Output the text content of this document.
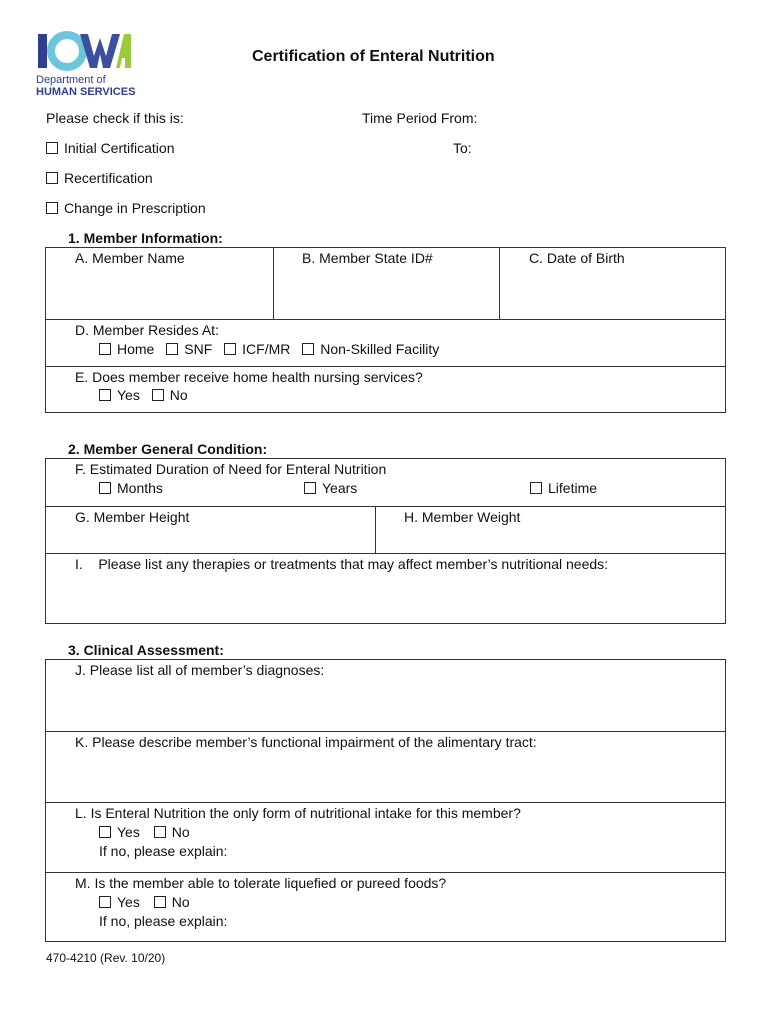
Department of
HUMAN SERVICES
Certification of Enteral Nutrition
Please check if this is:	Time Period From:
To:
Initial Certification
Recertification
Change in Prescription
1. Member Information:
A. Member Name	B. Member State ID#	C. Date of Birth
D. Member Resides At:
Home SNF ICF/MR Non-Skilled Facility
E. Does member receive home health nursing services?
Yes No
2. Member General Condition:
F. Estimated Duration of Need for Enteral Nutrition
Months	Years	Lifetime
G. Member Height	H. Member Weight
I.    Please list any therapies or treatments that may affect member’s nutritional needs:
3. Clinical Assessment:
J. Please list all of member’s diagnoses:
K. Please describe member’s functional impairment of the alimentary tract:
L. Is Enteral Nutrition the only form of nutritional intake for this member?
Yes No
If no, please explain:
M. Is the member able to tolerate liquefied or pureed foods?
Yes No
If no, please explain:
470-4210 (Rev. 10/20)
